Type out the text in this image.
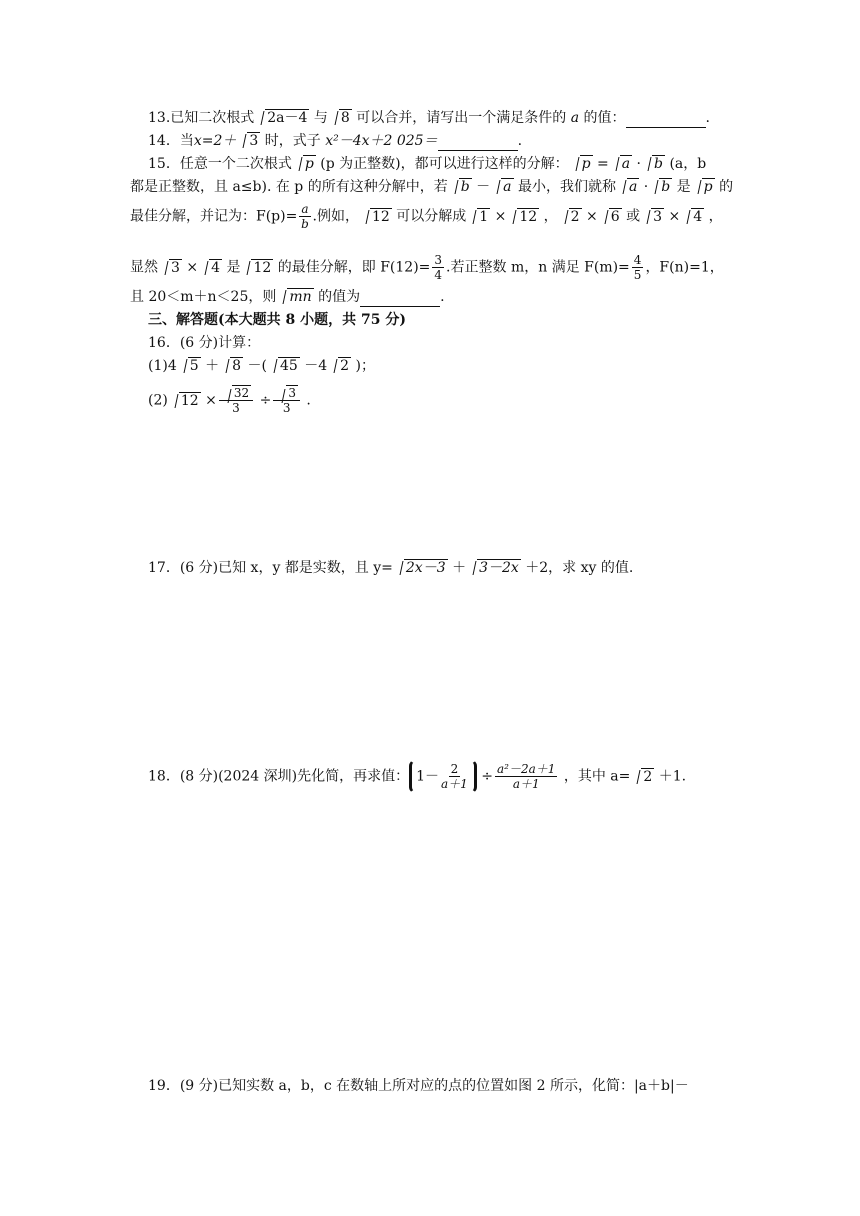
13.已知二次根式 2a－4 与 8 可以合并，请写出一个满足条件的 a 的值：	.
14．当x=2＋ 3 时，式子 x²－4x＋2 025＝	.
15．任意一个二次根式 p (p 为正整数)，都可以进行这样的分解： p = a · b (a，b
都是正整数，且 a≤b). 在 p 的所有这种分解中，若 b － a 最小，我们就称 a · b 是 p 的
最佳分解，并记为：$F(p)= \frac{a}{b}$ .例如， 12 可以分解成 1 × 12 ， 2 × 6 或 3 × 4 ，
显然 3 × 4 是 12 的最佳分解，即 $F(12)= \frac{3}{4}$ .若正整数 m，n 满足 $F(m)= \frac{4}{5}$ ，F(n)=1，
且 20＜m＋n＜25，则 mn 的值为	.
三、解答题(本大题共 8 小题，共 75 分)
16．(6 分)计算：
(1)4 5 ＋ 8 －( 45 －4 2 )；
(2) $12 \times \frac{32}{3} \div \frac{3}{3}$ .
17．(6 分)已知 x，y 都是实数，且 y= 2x－3 ＋ 3－2x ＋2，求 xy 的值.
18．(8 分)(2024 深圳)先化简，再求值： $1- \frac{2}{a+1} \div \frac{\text{a²－2a＋1}}{a+1}$ ，其中 a= 2 ＋1.
19．(9 分)已知实数 a，b，c 在数轴上所对应的点的位置如图 2 所示，化简：|a＋b|－
